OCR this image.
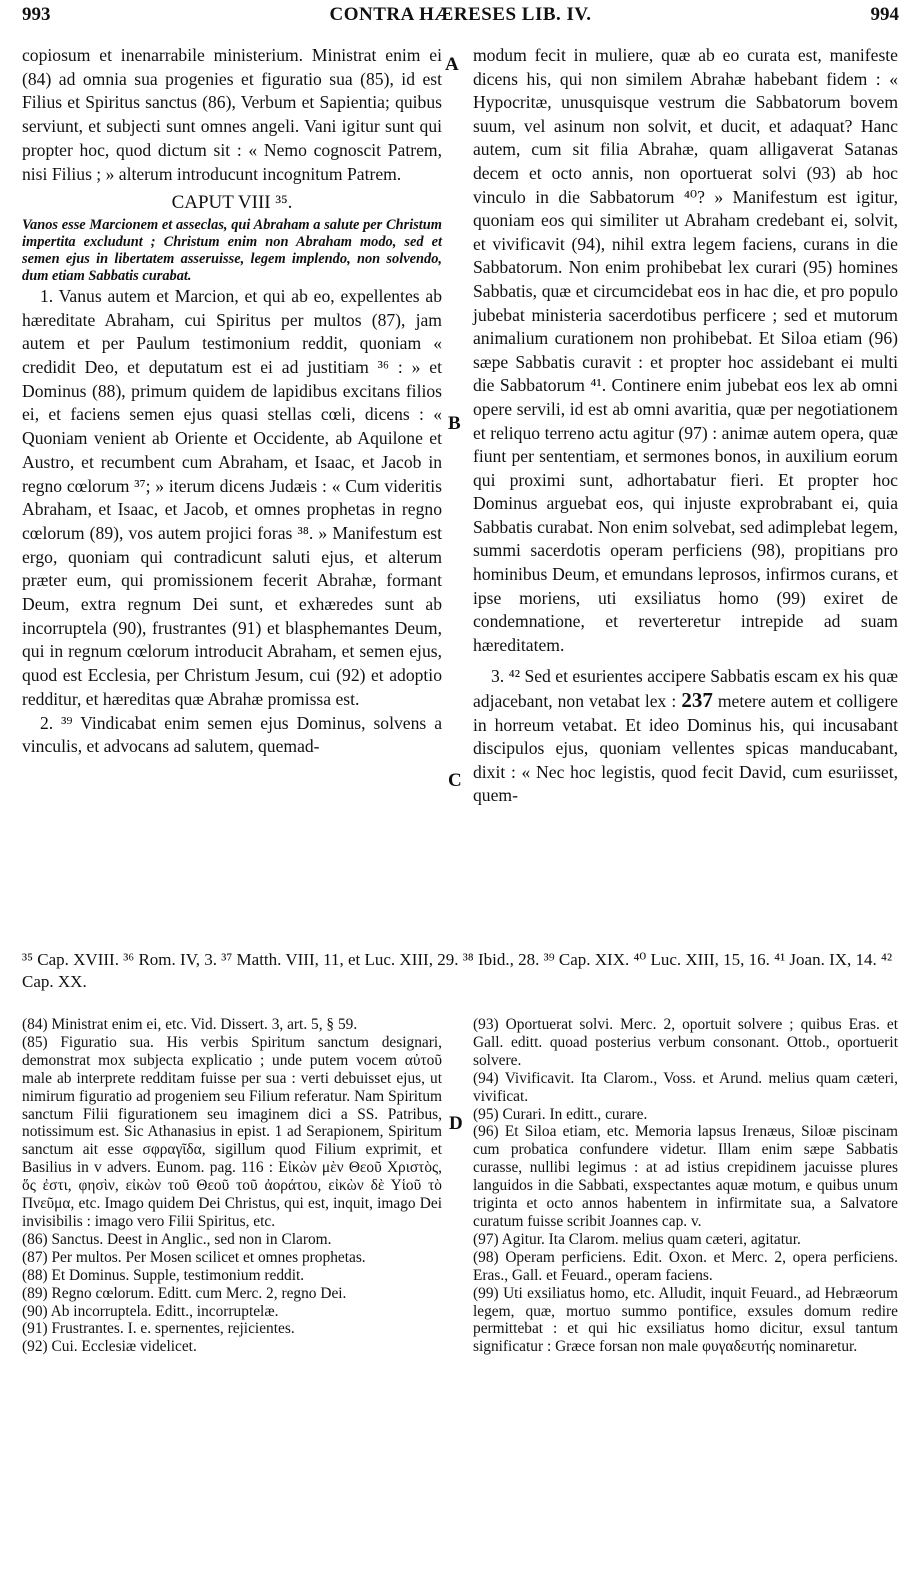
993	CONTRA HÆRESES LIB. IV.	994
A
B
C
D

copiosum et inenarrabile ministerium. Ministrat enim ei (84) ad omnia sua progenies et figuratio sua (85), id est Filius et Spiritus sanctus (86), Verbum et Sapientia; quibus serviunt, et subjecti sunt omnes angeli. Vani igitur sunt qui propter hoc, quod dictum sit : « Nemo cognoscit Patrem, nisi Filius ; » alterum introducunt incognitum Patrem.

CAPUT VIII ³⁵.

Vanos esse Marcionem et asseclas, qui Abraham a salute per Christum impertita excludunt ; Christum enim non Abraham modo, sed et semen ejus in libertatem asseruisse, legem implendo, non solvendo, dum etiam Sabbatis curabat.

1. Vanus autem et Marcion, et qui ab eo, expellentes ab hæreditate Abraham, cui Spiritus per multos (87), jam autem et per Paulum testimonium reddit, quoniam « credidit Deo, et deputatum est ei ad justitiam ³⁶ : » et Dominus (88), primum quidem de lapidibus excitans filios ei, et faciens semen ejus quasi stellas cœli, dicens : « Quoniam venient ab Oriente et Occidente, ab Aquilone et Austro, et recumbent cum Abraham, et Isaac, et Jacob in regno cœlorum ³⁷; » iterum dicens Judæis : « Cum videritis Abraham, et Isaac, et Jacob, et omnes prophetas in regno cœlorum (89), vos autem projici foras ³⁸. » Manifestum est ergo, quoniam qui contradicunt saluti ejus, et alterum præter eum, qui promissionem fecerit Abrahæ, formant Deum, extra regnum Dei sunt, et exhæredes sunt ab incorruptela (90), frustrantes (91) et blasphemantes Deum, qui in regnum cœlorum introducit Abraham, et semen ejus, quod est Ecclesia, per Christum Jesum, cui (92) et adoptio redditur, et hæreditas quæ Abrahæ promissa est.

2. ³⁹ Vindicabat enim semen ejus Dominus, solvens a vinculis, et advocans ad salutem, quemad-

modum fecit in muliere, quæ ab eo curata est, manifeste dicens his, qui non similem Abrahæ habebant fidem : « Hypocritæ, unusquisque vestrum die Sabbatorum bovem suum, vel asinum non solvit, et ducit, et adaquat? Hanc autem, cum sit filia Abrahæ, quam alligaverat Satanas decem et octo annis, non oportuerat solvi (93) ab hoc vinculo in die Sabbatorum ⁴⁰? » Manifestum est igitur, quoniam eos qui similiter ut Abraham credebant ei, solvit, et vivificavit (94), nihil extra legem faciens, curans in die Sabbatorum. Non enim prohibebat lex curari (95) homines Sabbatis, quæ et circumcidebat eos in hac die, et pro populo jubebat ministeria sacerdotibus perficere ; sed et mutorum animalium curationem non prohibebat. Et Siloa etiam (96) sæpe Sabbatis curavit : et propter hoc assidebant ei multi die Sabbatorum ⁴¹. Continere enim jubebat eos lex ab omni opere servili, id est ab omni avaritia, quæ per negotiationem et reliquo terreno actu agitur (97) : animæ autem opera, quæ fiunt per sententiam, et sermones bonos, in auxilium eorum qui proximi sunt, adhortabatur fieri. Et propter hoc Dominus arguebat eos, qui injuste exprobrabant ei, quia Sabbatis curabat. Non enim solvebat, sed adimplebat legem, summi sacerdotis operam perficiens (98), propitians pro hominibus Deum, et emundans leprosos, infirmos curans, et ipse moriens, uti exsiliatus homo (99) exiret de condemnatione, et reverteretur intrepide ad suam hæreditatem.

3. ⁴² Sed et esurientes accipere Sabbatis escam ex his quæ adjacebant, non vetabat lex : 237 metere autem et colligere in horreum vetabat. Et ideo Dominus his, qui incusabant discipulos ejus, quoniam vellentes spicas manducabant, dixit : « Nec hoc legistis, quod fecit David, cum esuriisset, quem-

³⁵ Cap. XVIII. ³⁶ Rom. IV, 3. ³⁷ Matth. VIII, 11, et Luc. XIII, 29. ³⁸ Ibid., 28. ³⁹ Cap. XIX. ⁴⁰ Luc. XIII, 15, 16. ⁴¹ Joan. IX, 14. ⁴² Cap. XX.

(84) Ministrat enim ei, etc. Vid. Dissert. 3, art. 5, § 59.

(85) Figuratio sua. His verbis Spiritum sanctum designari, demonstrat mox subjecta explicatio ; unde putem vocem αὐτοῦ male ab interprete redditam fuisse per sua : verti debuisset ejus, ut nimirum figuratio ad progeniem seu Filium referatur. Nam Spiritum sanctum Filii figurationem seu imaginem dici a SS. Patribus, notissimum est. Sic Athanasius in epist. 1 ad Serapionem, Spiritum sanctum ait esse σφραγῖδα, sigillum quod Filium exprimit, et Basilius in v advers. Eunom. pag. 116 : Εἰκὼν μὲν Θεοῦ Χριστὸς, ὅς ἐστι, φησὶν, εἰκὼν τοῦ Θεοῦ τοῦ ἀοράτου, εἰκὼν δὲ Υἱοῦ τὸ Πνεῦμα, etc. Imago quidem Dei Christus, qui est, inquit, imago Dei invisibilis : imago vero Filii Spiritus, etc.

(86) Sanctus. Deest in Anglic., sed non in Clarom.

(87) Per multos. Per Mosen scilicet et omnes prophetas.

(88) Et Dominus. Supple, testimonium reddit.

(89) Regno cœlorum. Editt. cum Merc. 2, regno Dei.

(90) Ab incorruptela. Editt., incorruptelæ.

(91) Frustrantes. I. e. spernentes, rejicientes.

(92) Cui. Ecclesiæ videlicet.

(93) Oportuerat solvi. Merc. 2, oportuit solvere ; quibus Eras. et Gall. editt. quoad posterius verbum consonant. Ottob., oportuerit solvere.

(94) Vivificavit. Ita Clarom., Voss. et Arund. melius quam cæteri, vivificat.

(95) Curari. In editt., curare.

(96) Et Siloa etiam, etc. Memoria lapsus Irenæus, Siloæ piscinam cum probatica confundere videtur. Illam enim sæpe Sabbatis curasse, nullibi legimus : at ad istius crepidinem jacuisse plures languidos in die Sabbati, exspectantes aquæ motum, e quibus unum triginta et octo annos habentem in infirmitate sua, a Salvatore curatum fuisse scribit Joannes cap. v.

(97) Agitur. Ita Clarom. melius quam cæteri, agitatur.

(98) Operam perficiens. Edit. Oxon. et Merc. 2, opera perficiens. Eras., Gall. et Feuard., operam faciens.

(99) Uti exsiliatus homo, etc. Alludit, inquit Feuard., ad Hebræorum legem, quæ, mortuo summo pontifice, exsules domum redire permittebat : et qui hic exsiliatus homo dicitur, exsul tantum significatur : Græce forsan non male φυγαδευτής nominaretur.
